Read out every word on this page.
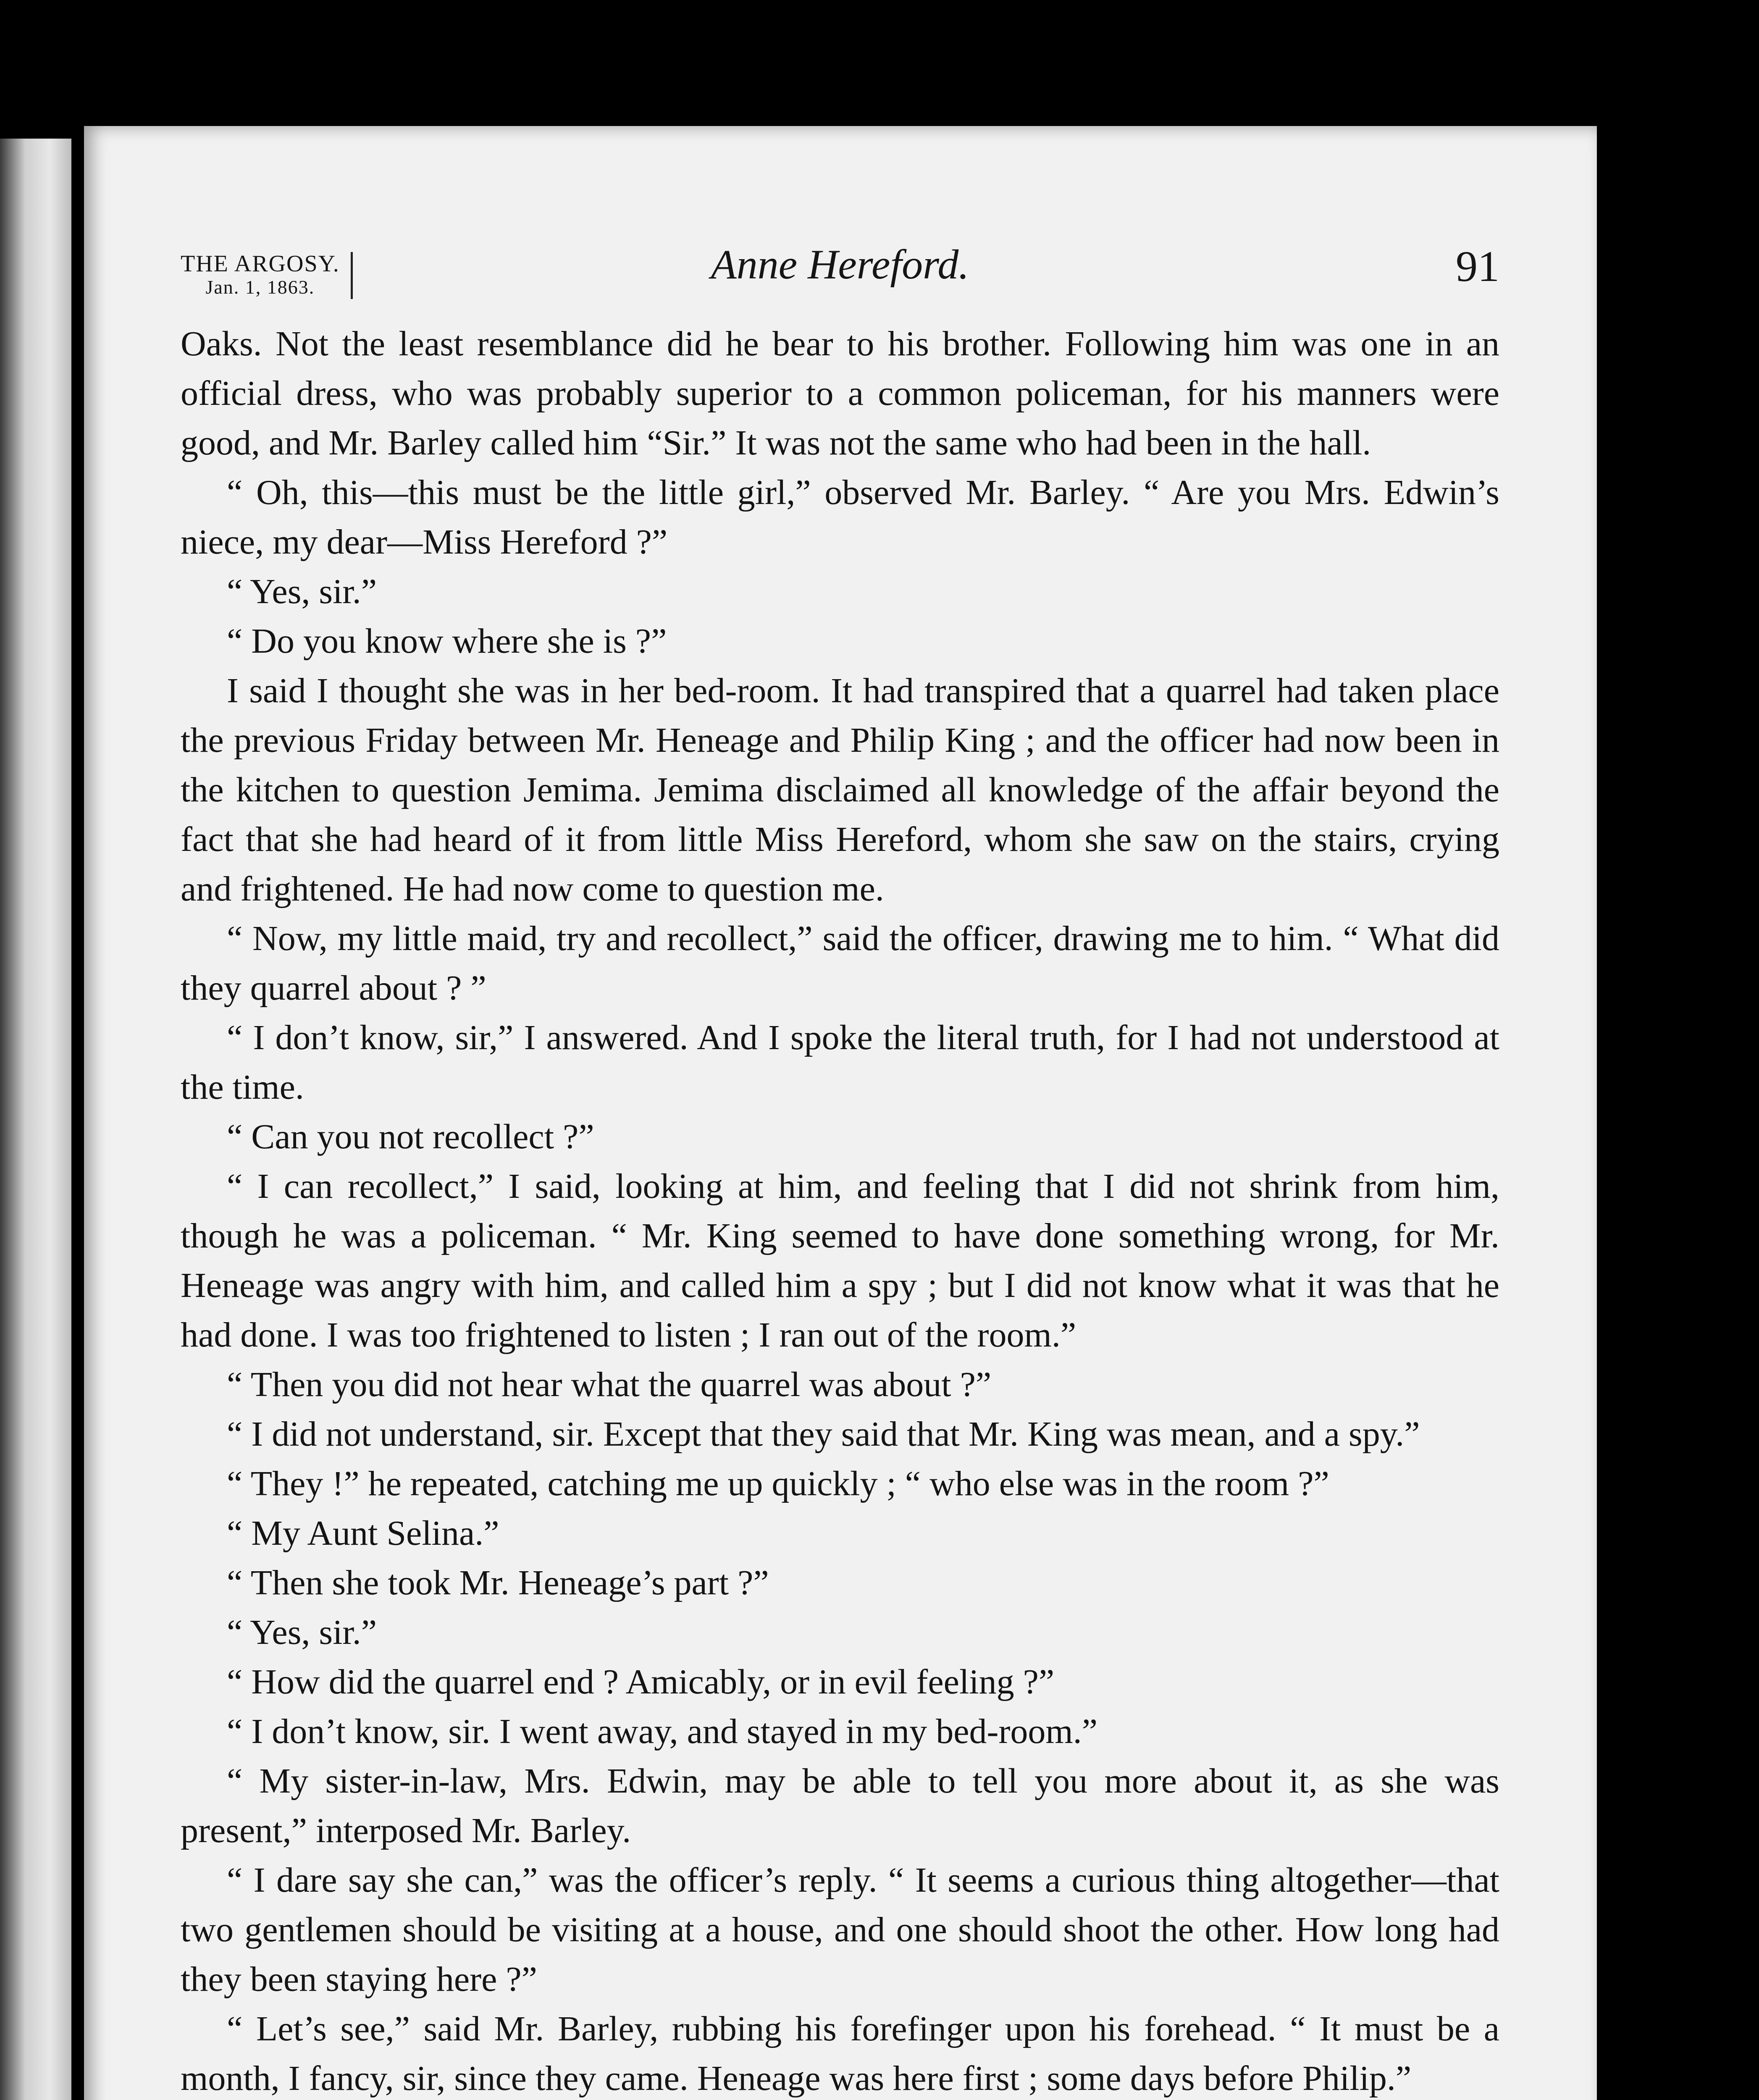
THE ARGOSY.
Jan. 1, 1863.	Anne Hereford.	91

Oaks. Not the least resemblance did he bear to his brother. Following him was one in an official dress, who was probably superior to a common policeman, for his manners were good, and Mr. Barley called him “Sir.” It was not the same who had been in the hall.

“ Oh, this—this must be the little girl,” observed Mr. Barley. “ Are you Mrs. Edwin’s niece, my dear—Miss Hereford ?”

“ Yes, sir.”

“ Do you know where she is ?”

I said I thought she was in her bed-room. It had transpired that a quarrel had taken place the previous Friday between Mr. Heneage and Philip King ; and the officer had now been in the kitchen to question Jemima. Jemima disclaimed all knowledge of the affair beyond the fact that she had heard of it from little Miss Hereford, whom she saw on the stairs, crying and frightened. He had now come to question me.

“ Now, my little maid, try and recollect,” said the officer, drawing me to him. “ What did they quarrel about ? ”

“ I don’t know, sir,” I answered. And I spoke the literal truth, for I had not understood at the time.

“ Can you not recollect ?”

“ I can recollect,” I said, looking at him, and feeling that I did not shrink from him, though he was a policeman. “ Mr. King seemed to have done something wrong, for Mr. Heneage was angry with him, and called him a spy ; but I did not know what it was that he had done. I was too frightened to listen ; I ran out of the room.”

“ Then you did not hear what the quarrel was about ?”

“ I did not understand, sir. Except that they said that Mr. King was mean, and a spy.”

“ They !” he repeated, catching me up quickly ; “ who else was in the room ?”

“ My Aunt Selina.”

“ Then she took Mr. Heneage’s part ?”

“ Yes, sir.”

“ How did the quarrel end ? Amicably, or in evil feeling ?”

“ I don’t know, sir. I went away, and stayed in my bed-room.”

“ My sister-in-law, Mrs. Edwin, may be able to tell you more about it, as she was present,” interposed Mr. Barley.

“ I dare say she can,” was the officer’s reply. “ It seems a curious thing altogether—that two gentlemen should be visiting at a house, and one should shoot the other. How long had they been staying here ?”

“ Let’s see,” said Mr. Barley, rubbing his forefinger upon his forehead. “ It must be a month, I fancy, sir, since they came. Heneage was here first ; some days before Philip.”
